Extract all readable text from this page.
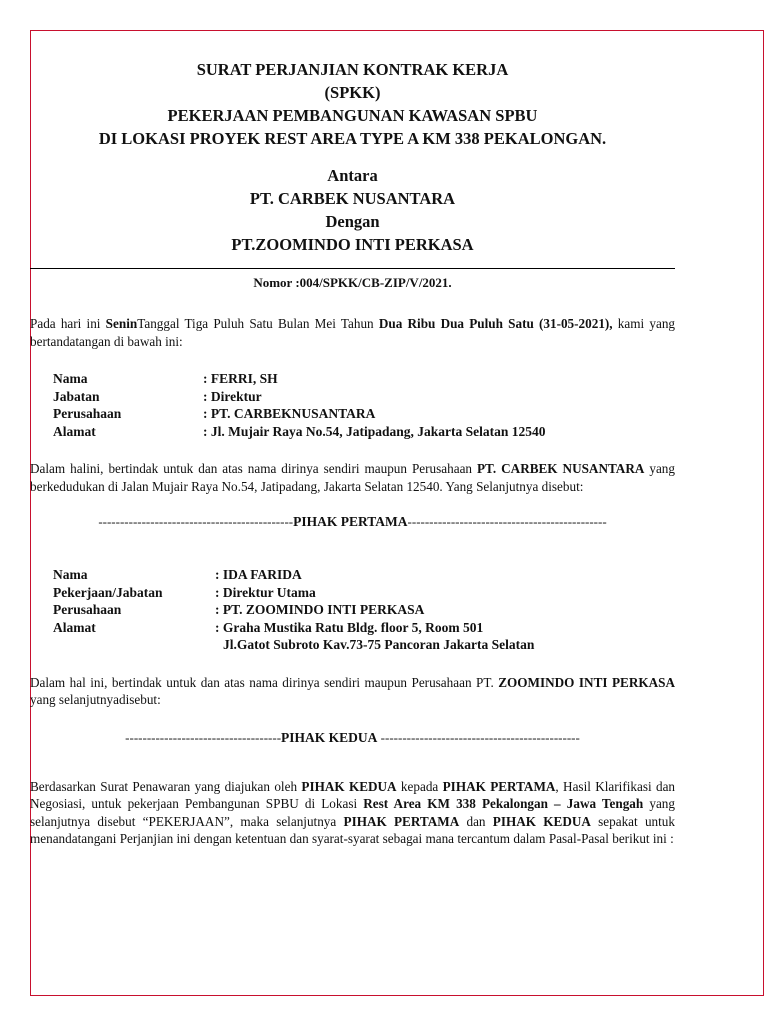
SURAT PERJANJIAN KONTRAK KERJA
(SPKK)
PEKERJAAN PEMBANGUNAN KAWASAN SPBU
DI LOKASI PROYEK REST AREA TYPE A KM 338 PEKALONGAN.
Antara
PT. CARBEK NUSANTARA
Dengan
PT.ZOOMINDO INTI PERKASA
Nomor :004/SPKK/CB-ZIP/V/2021.

Pada hari ini SeninTanggal Tiga Puluh Satu Bulan Mei Tahun Dua Ribu Dua Puluh Satu (31-05-2021), kami yang bertandatangan di bawah ini:

Nama	: FERRI, SH
Jabatan	: Direktur
Perusahaan	: PT. CARBEKNUSANTARA
Alamat	: Jl. Mujair Raya No.54, Jatipadang, Jakarta Selatan 12540

Dalam halini, bertindak untuk dan atas nama dirinya sendiri maupun Perusahaan PT. CARBEK NUSANTARA yang berkedudukan di Jalan Mujair Raya No.54, Jatipadang, Jakarta Selatan 12540. Yang Selanjutnya disebut:

---------------------------------------------PIHAK PERTAMA----------------------------------------------
Nama	: IDA FARIDA
Pekerjaan/Jabatan	: Direktur Utama
Perusahaan	: PT. ZOOMINDO INTI PERKASA
Alamat	: Graha Mustika Ratu Bldg. floor 5, Room 501
Jl.Gatot Subroto Kav.73-75 Pancoran Jakarta Selatan

Dalam hal ini, bertindak untuk dan atas nama dirinya sendiri maupun Perusahaan PT. ZOOMINDO INTI PERKASA yang selanjutnyadisebut:

------------------------------------PIHAK KEDUA ----------------------------------------------

Berdasarkan Surat Penawaran yang diajukan oleh PIHAK KEDUA kepada PIHAK PERTAMA, Hasil Klarifikasi dan Negosiasi, untuk pekerjaan Pembangunan SPBU di Lokasi Rest Area KM 338 Pekalongan – Jawa Tengah yang selanjutnya disebut “PEKERJAAN”, maka selanjutnya PIHAK PERTAMA dan PIHAK KEDUA sepakat untuk menandatangani Perjanjian ini dengan ketentuan dan syarat-syarat sebagai mana tercantum dalam Pasal-Pasal berikut ini :
